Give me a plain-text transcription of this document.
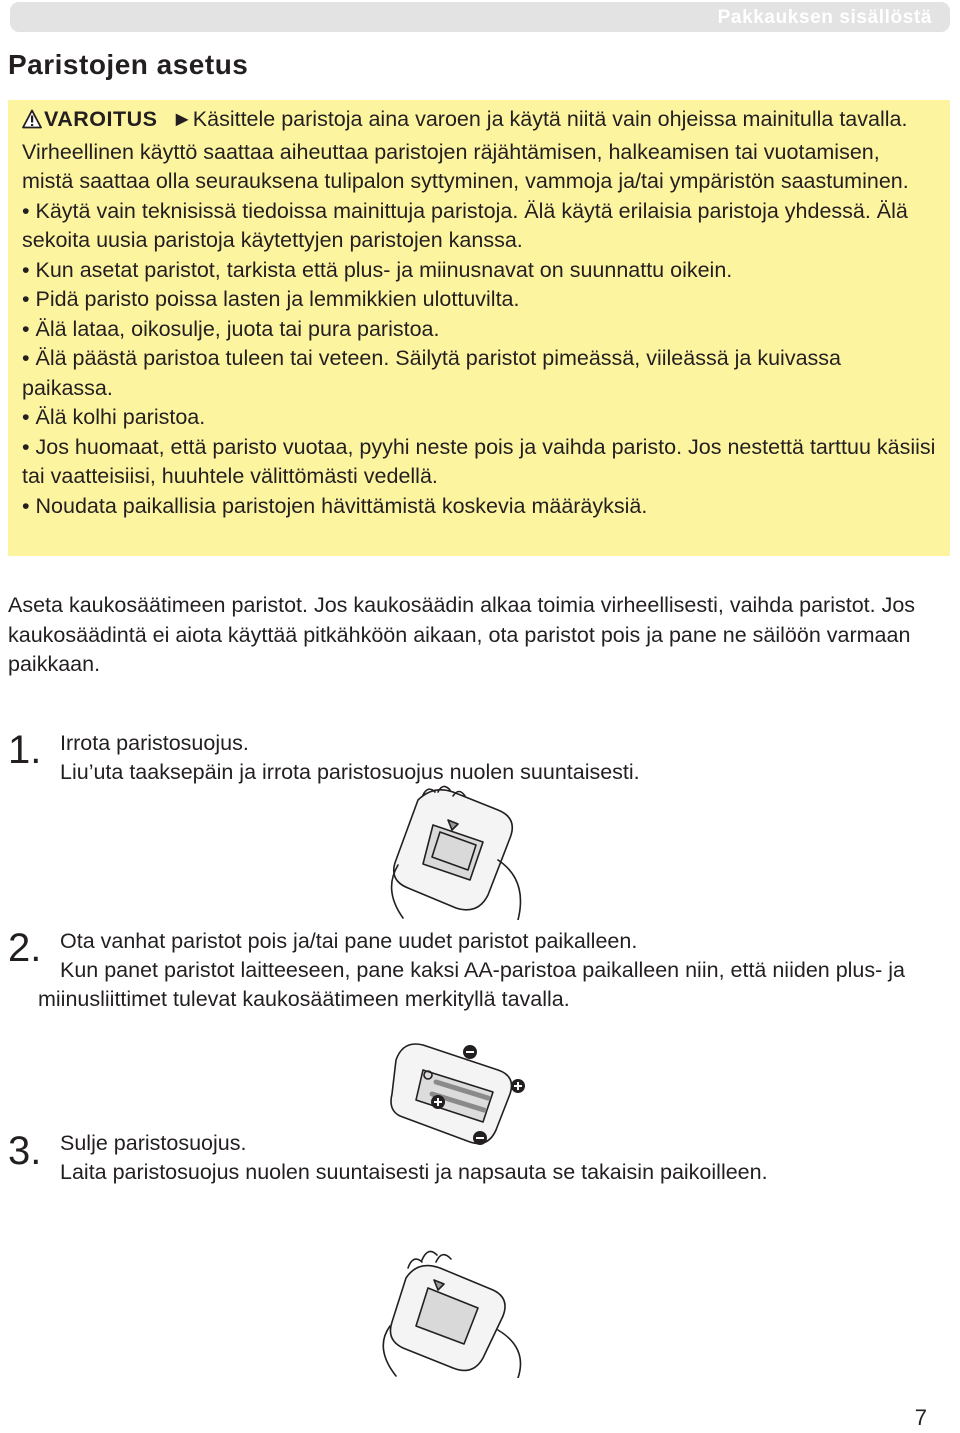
Pakkauksen sisällöstä
Paristojen asetus

VAROITUS ►Käsittele paristoja aina varoen ja käytä niitä vain ohjeissa mainitulla tavalla. Virheellinen käyttö saattaa aiheuttaa paristojen räjähtämisen, halkeamisen tai vuotamisen, mistä saattaa olla seurauksena tulipalon syttyminen, vammoja ja/tai ympäristön saastuminen.

• Käytä vain teknisissä tiedoissa mainittuja paristoja. Älä käytä erilaisia paristoja yhdessä. Älä sekoita uusia paristoja käytettyjen paristojen kanssa.

• Kun asetat paristot, tarkista että plus- ja miinusnavat on suunnattu oikein.

• Pidä paristo poissa lasten ja lemmikkien ulottuvilta.

• Älä lataa, oikosulje, juota tai pura paristoa.

• Älä päästä paristoa tuleen tai veteen. Säilytä paristot pimeässä, viileässä ja kuivassa paikassa.

• Älä kolhi paristoa.

• Jos huomaat, että paristo vuotaa, pyyhi neste pois ja vaihda paristo. Jos nestettä tarttuu käsiisi tai vaatteisiisi, huuhtele välittömästi vedellä.

• Noudata paikallisia paristojen hävittämistä koskevia määräyksiä.

Aseta kaukosäätimeen paristot. Jos kaukosäädin alkaa toimia virheellisesti, vaihda paristot. Jos kaukosäädintä ei aiota käyttää pitkähköön aikaan, ota paristot pois ja pane ne säilöön varmaan paikkaan.

1. Irrota paristosuojus.
Liu’uta taaksepäin ja irrota paristosuojus nuolen suuntaisesti.

2. Ota vanhat paristot pois ja/tai pane uudet paristot paikalleen.

Kun panet paristot laitteeseen, pane kaksi AA-paristoa paikalleen niin, että niiden plus- ja miinusliittimet tulevat kaukosäätimeen merkityllä tavalla.

3. Sulje paristosuojus.
Laita paristosuojus nuolen suuntaisesti ja napsauta se takaisin paikoilleen.

7
